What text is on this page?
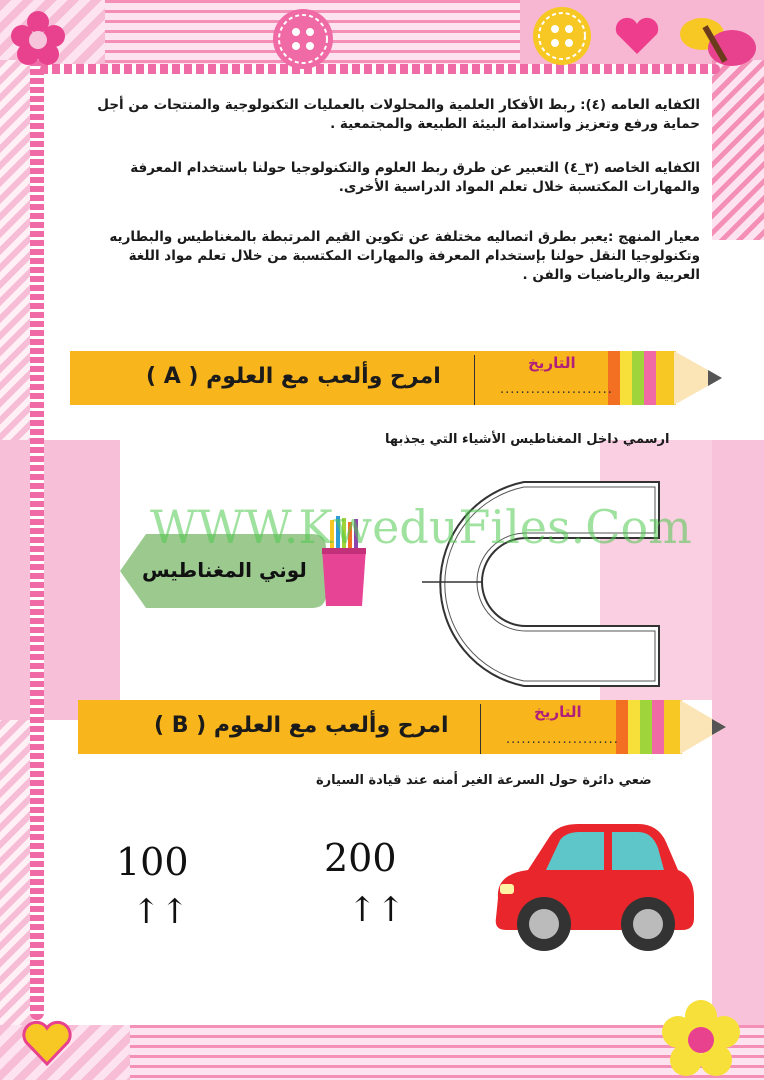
الكفايه العامه (٤): ربط الأفكار العلمية والمحلولات بالعمليات التكنولوجية والمنتجات من أجل حماية ورفع وتعزيز واستدامة البيئة الطبيعة والمجتمعية .
الكفايه الخاصه (٣_٤) التعبير عن طرق ربط العلوم والتكنولوجيا حولنا باستخدام المعرفة والمهارات المكتسبة خلال تعلم المواد الدراسية الأخرى.
معيار المنهج :يعبر بطرق اتصاليه مختلفة عن تكوين القيم المرتبطة بالمغناطيس والبطاريه وتكنولوجيا النقل حولنا بإستخدام المعرفة والمهارات المكتسبة من خلال تعلم مواد اللغة العربية والرياضيات والفن .
امرح وألعب مع العلوم ( A )
التاريخ
......................
ارسمي داخل المغناطيس الأشياء التي يجذبها
لوني المغناطيس
WWW.KweduFiles.Com
امرح وألعب مع العلوم ( B )
التاريخ
......................
ضعي دائرة حول السرعة الغير أمنه عند قيادة السيارة
100
↑↑
200
↑↑
